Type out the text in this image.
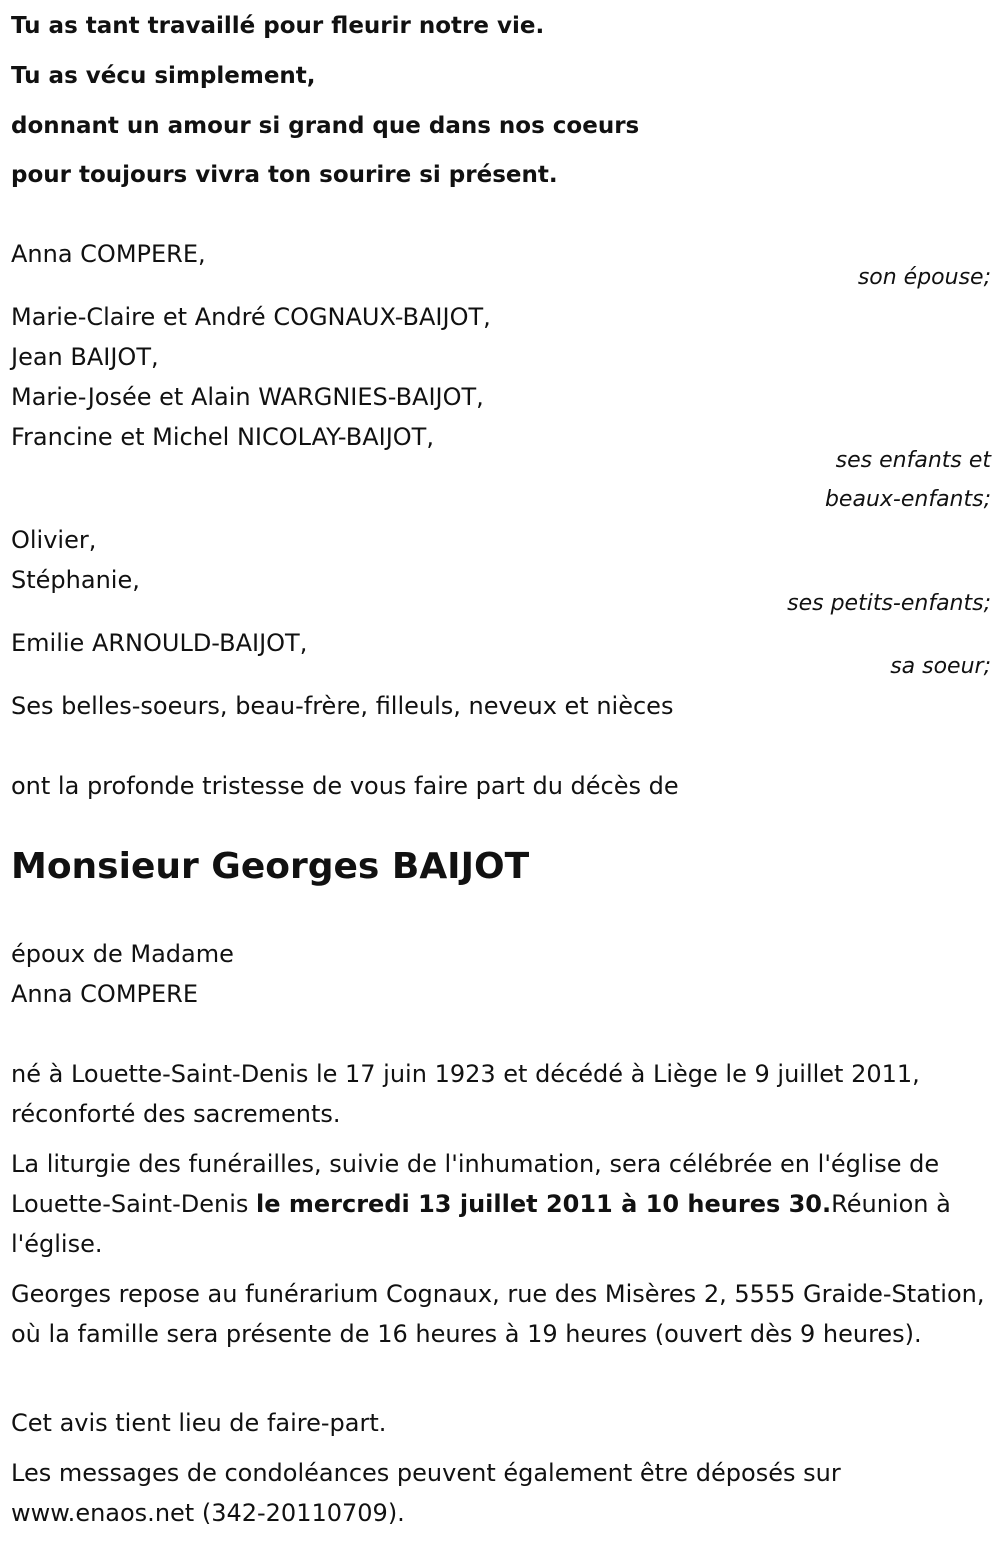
Tu as tant travaillé pour fleurir notre vie.
Tu as vécu simplement,
donnant un amour si grand que dans nos coeurs
pour toujours vivra ton sourire si présent.
Anna COMPERE,
son épouse;
Marie-Claire et André COGNAUX-BAIJOT,
Jean BAIJOT,
Marie-Josée et Alain WARGNIES-BAIJOT,
Francine et Michel NICOLAY-BAIJOT,
ses enfants et
beaux-enfants;
Olivier,
Stéphanie,
ses petits-enfants;
Emilie ARNOULD-BAIJOT,
sa soeur;
Ses belles-soeurs, beau-frère, filleuls, neveux et nièces
ont la profonde tristesse de vous faire part du décès de
Monsieur Georges BAIJOT
époux de Madame
Anna COMPERE
né à Louette-Saint-Denis le 17 juin 1923 et décédé à Liège le 9 juillet 2011, réconforté des sacrements.
La liturgie des funérailles, suivie de l'inhumation, sera célébrée en l'église de Louette-Saint-Denis le mercredi 13 juillet 2011 à 10 heures 30.Réunion à l'église.
Georges repose au funérarium Cognaux, rue des Misères 2, 5555 Graide-Station, où la famille sera présente de 16 heures à 19 heures (ouvert dès 9 heures).
Cet avis tient lieu de faire-part.
Les messages de condoléances peuvent également être déposés sur www.enaos.net (342-20110709).
